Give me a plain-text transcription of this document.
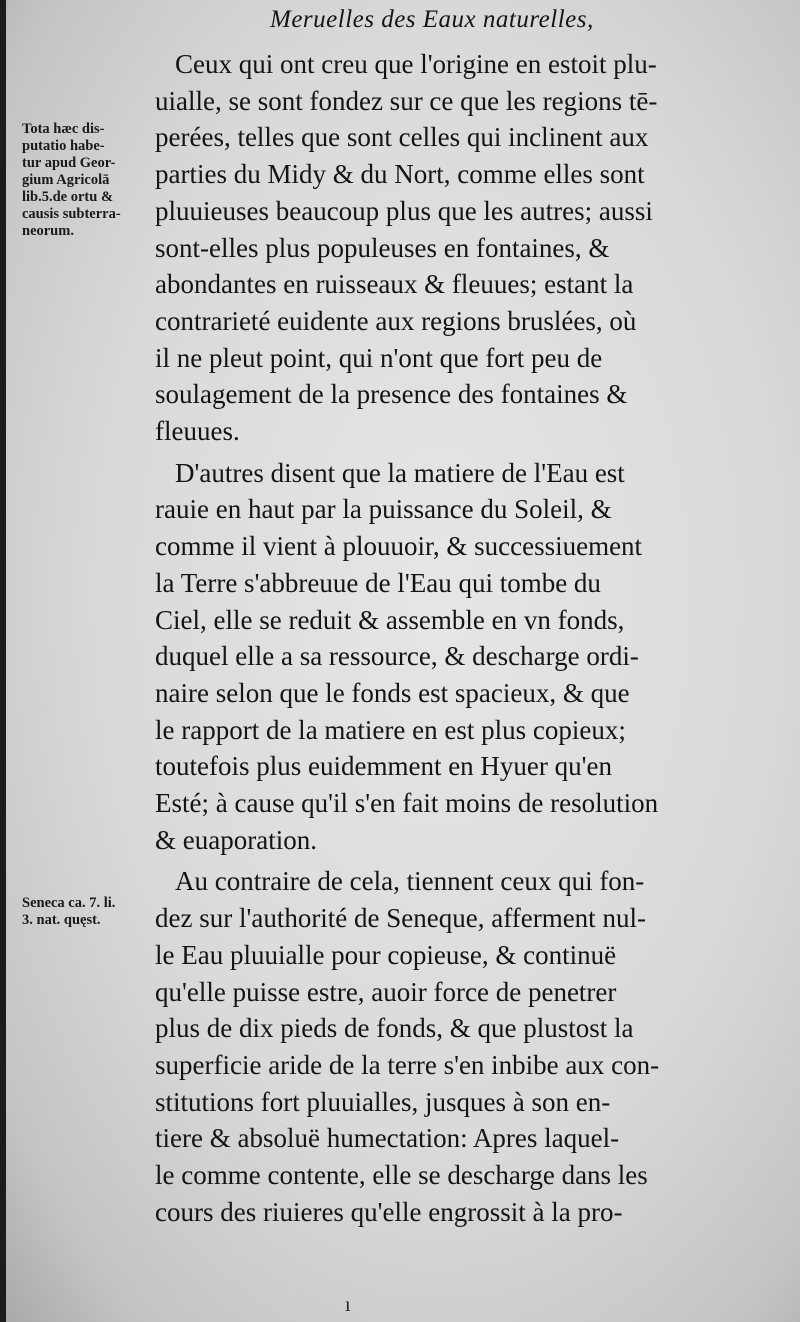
Meruelles des Eaux naturelles,
Tota hæc dis-
putatio habe-
tur apud Geor-
gium Agricolā
lib.5.de ortu &
causis subterra-
neorum.
Seneca ca. 7. li.
3. nat. quęst.
Ceux qui ont creu que l'origine en estoit plu-
uialle, se sont fondez sur ce que les regions tē-
perées, telles que sont celles qui inclinent aux
parties du Midy & du Nort, comme elles sont
pluuieuses beaucoup plus que les autres; aussi
sont-elles plus populeuses en fontaines, &
abondantes en ruisseaux & fleuues; estant la
contrarieté euidente aux regions bruslées, où
il ne pleut point, qui n'ont que fort peu de
soulagement de la presence des fontaines &
fleuues.
D'autres disent que la matiere de l'Eau est
rauie en haut par la puissance du Soleil, &
comme il vient à plouuoir, & successiuement
la Terre s'abbreuue de l'Eau qui tombe du
Ciel, elle se reduit & assemble en vn fonds,
duquel elle a sa ressource, & descharge ordi-
naire selon que le fonds est spacieux, & que
le rapport de la matiere en est plus copieux;
toutefois plus euidemment en Hyuer qu'en
Esté; à cause qu'il s'en fait moins de resolution
& euaporation.
Au contraire de cela, tiennent ceux qui fon-
dez sur l'authorité de Seneque, afferment nul-
le Eau pluuialle pour copieuse, & continuë
qu'elle puisse estre, auoir force de penetrer
plus de dix pieds de fonds, & que plustost la
superficie aride de la terre s'en inbibe aux con-
stitutions fort pluuialles, jusques à son en-
tiere & absoluë humectation: Apres laquel-
le comme contente, elle se descharge dans les
cours des riuieres qu'elle engrossit à la pro-
ı
